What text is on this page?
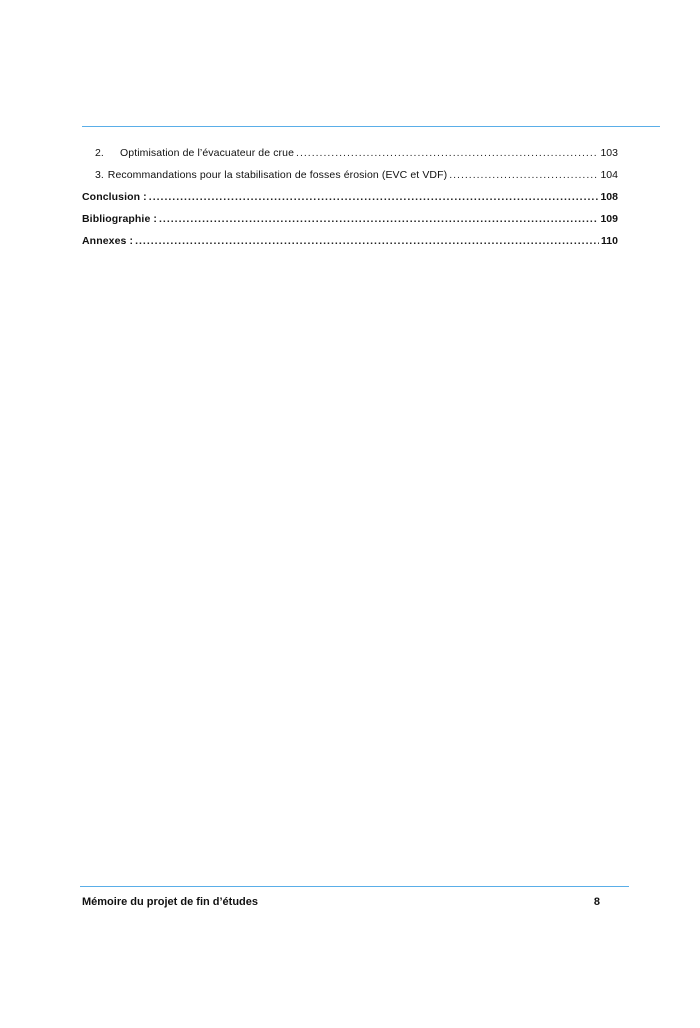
2.	Optimisation de l’évacuateur de crue .....	103
3. Recommandations pour la stabilisation de fosses érosion (EVC et VDF) .....	104
Conclusion : .....	108
Bibliographie : .....	109
Annexes : .....	110
Mémoire du projet de fin d’études	8
